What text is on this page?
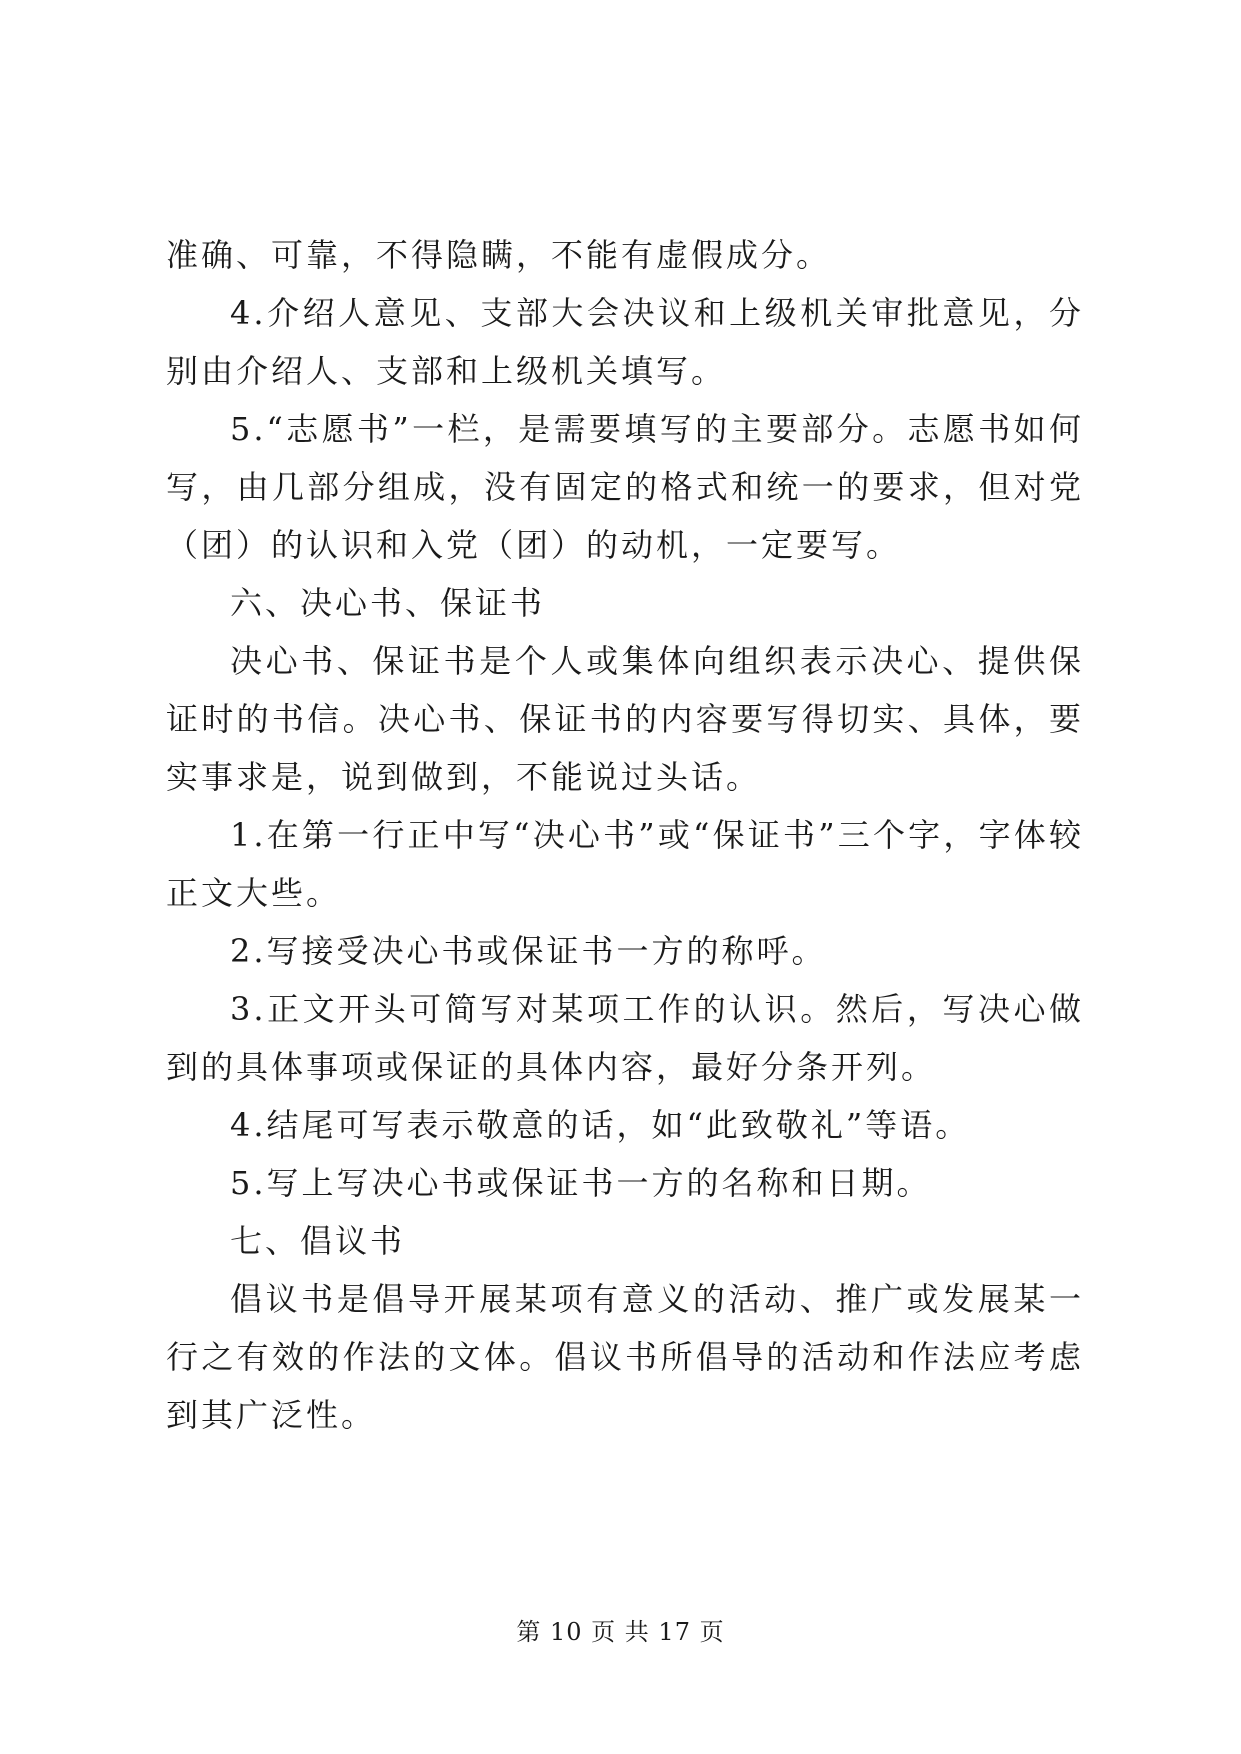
准确、可靠，不得隐瞒，不能有虚假成分。

4.介绍人意见、支部大会决议和上级机关审批意见，分别由介绍人、支部和上级机关填写。

5.“志愿书”一栏，是需要填写的主要部分。志愿书如何写，由几部分组成，没有固定的格式和统一的要求，但对党（团）的认识和入党（团）的动机，一定要写。

六、决心书、保证书

决心书、保证书是个人或集体向组织表示决心、提供保证时的书信。决心书、保证书的内容要写得切实、具体，要实事求是，说到做到，不能说过头话。

1.在第一行正中写“决心书”或“保证书”三个字，字体较正文大些。

2.写接受决心书或保证书一方的称呼。

3.正文开头可简写对某项工作的认识。然后，写决心做到的具体事项或保证的具体内容，最好分条开列。

4.结尾可写表示敬意的话，如“此致敬礼”等语。

5.写上写决心书或保证书一方的名称和日期。

七、倡议书

倡议书是倡导开展某项有意义的活动、推广或发展某一行之有效的作法的文体。倡议书所倡导的活动和作法应考虑到其广泛性。

第 10 页 共 17 页
